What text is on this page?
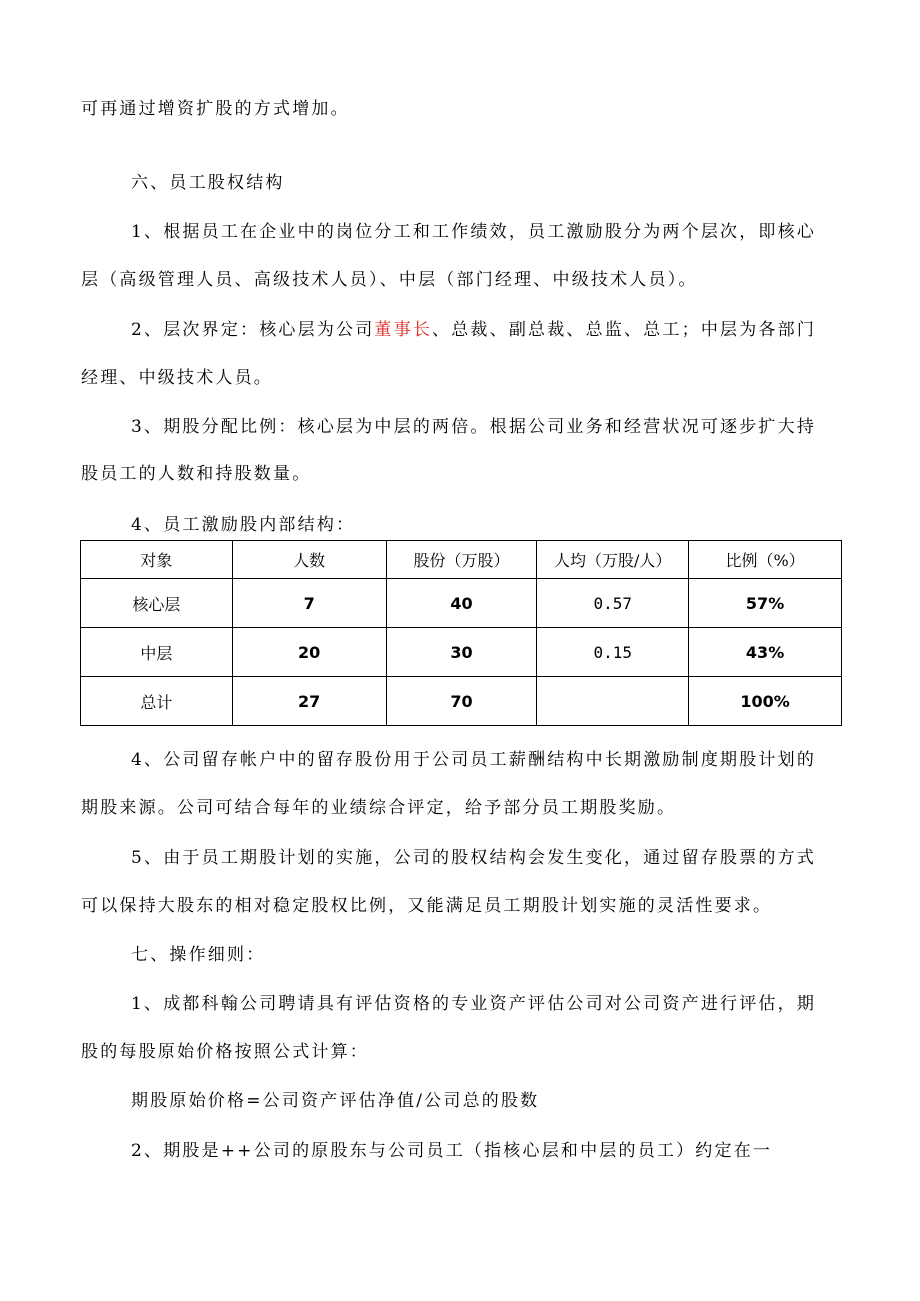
可再通过增资扩股的方式增加。
六、员工股权结构
1、根据员工在企业中的岗位分工和工作绩效，员工激励股分为两个层次，即核心
层（高级管理人员、高级技术人员）、中层（部门经理、中级技术人员）。
2、层次界定：核心层为公司董事长、总裁、副总裁、总监、总工；中层为各部门
经理、中级技术人员。
3、期股分配比例：核心层为中层的两倍。根据公司业务和经营状况可逐步扩大持
股员工的人数和持股数量。
4、员工激励股内部结构：
对象	人数	股份（万股）	人均（万股/人）	比例（%）
核心层	7	40	0.57	57%
中层	20	30	0.15	43%
总计	27	70		100%
4、公司留存帐户中的留存股份用于公司员工薪酬结构中长期激励制度期股计划的
期股来源。公司可结合每年的业绩综合评定，给予部分员工期股奖励。
5、由于员工期股计划的实施，公司的股权结构会发生变化，通过留存股票的方式
可以保持大股东的相对稳定股权比例，又能满足员工期股计划实施的灵活性要求。
七、操作细则：
1、成都科翰公司聘请具有评估资格的专业资产评估公司对公司资产进行评估，期
股的每股原始价格按照公式计算：
期股原始价格=公司资产评估净值/公司总的股数
2、期股是++公司的原股东与公司员工（指核心层和中层的员工）约定在一
